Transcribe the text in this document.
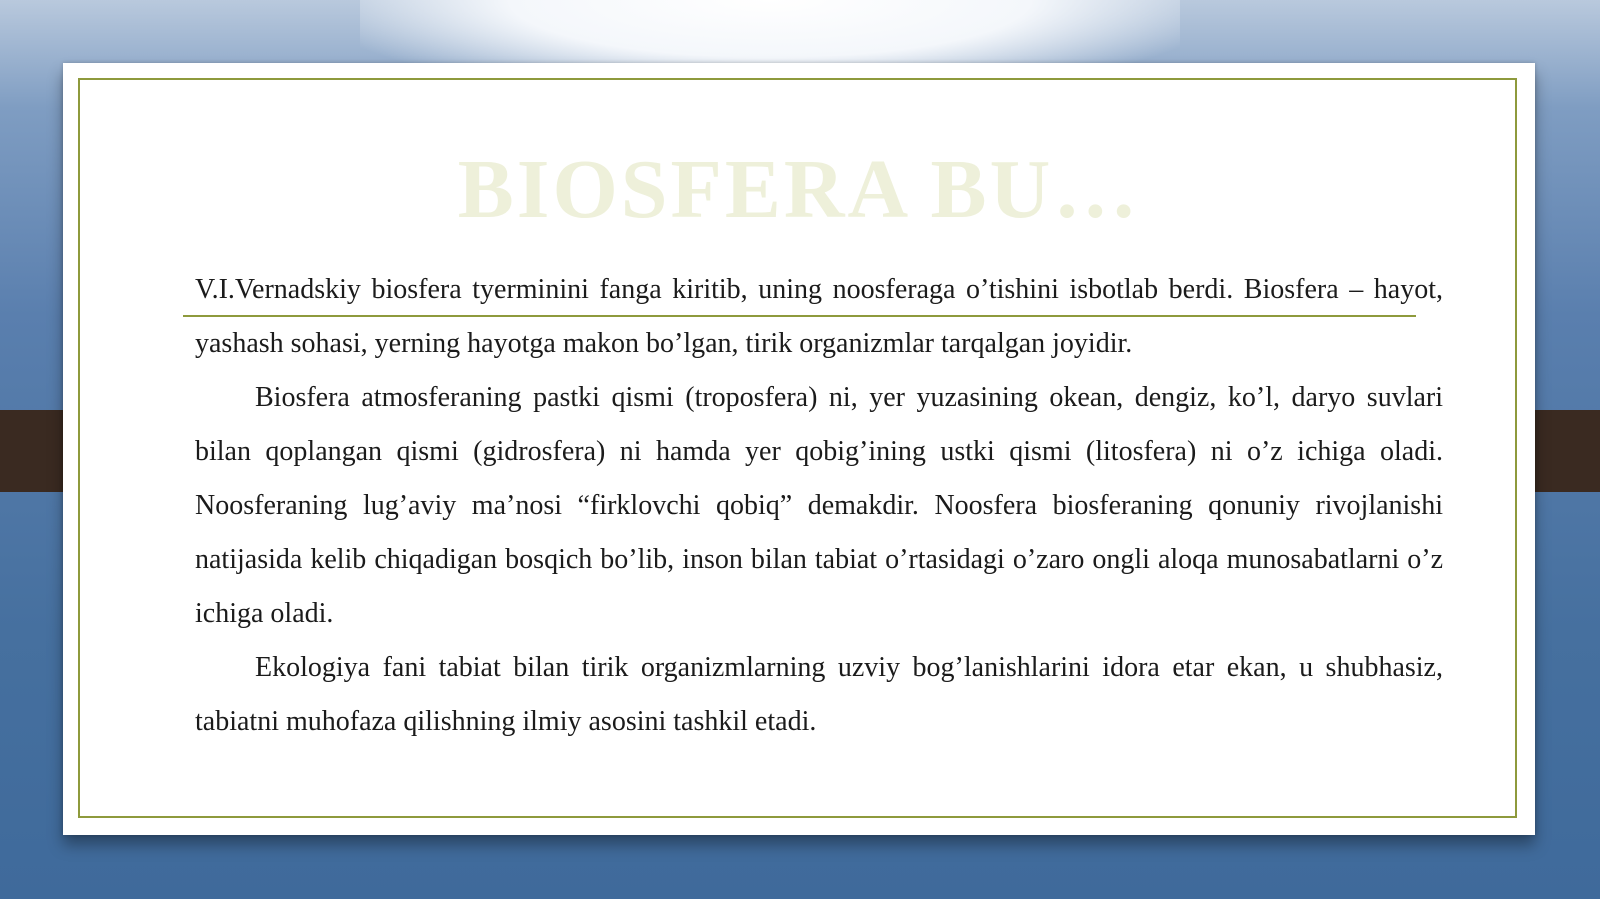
BIOSFERA BU…

V.I.Vernadskiy biosfera tyerminini fanga kiritib, uning noosferaga o’tishini isbotlab berdi. Biosfera – hayot, yashash sohasi, yerning hayotga makon bo’lgan, tirik organizmlar tarqalgan joyidir.

Biosfera atmosferaning pastki qismi (troposfera) ni, yer yuzasining okean, dengiz, ko’l, daryo suvlari bilan qoplangan qismi (gidrosfera) ni hamda yer qobig’ining ustki qismi (litosfera) ni o’z ichiga oladi. Noosferaning lug’aviy ma’nosi “firklovchi qobiq” demakdir. Noosfera biosferaning qonuniy rivojlanishi natijasida kelib chiqadigan bosqich bo’lib, inson bilan tabiat o’rtasidagi o’zaro ongli aloqa munosabatlarni o’z ichiga oladi.

Ekologiya fani tabiat bilan tirik organizmlarning uzviy bog’lanishlarini idora etar ekan, u shubhasiz, tabiatni muhofaza qilishning ilmiy asosini tashkil etadi.
